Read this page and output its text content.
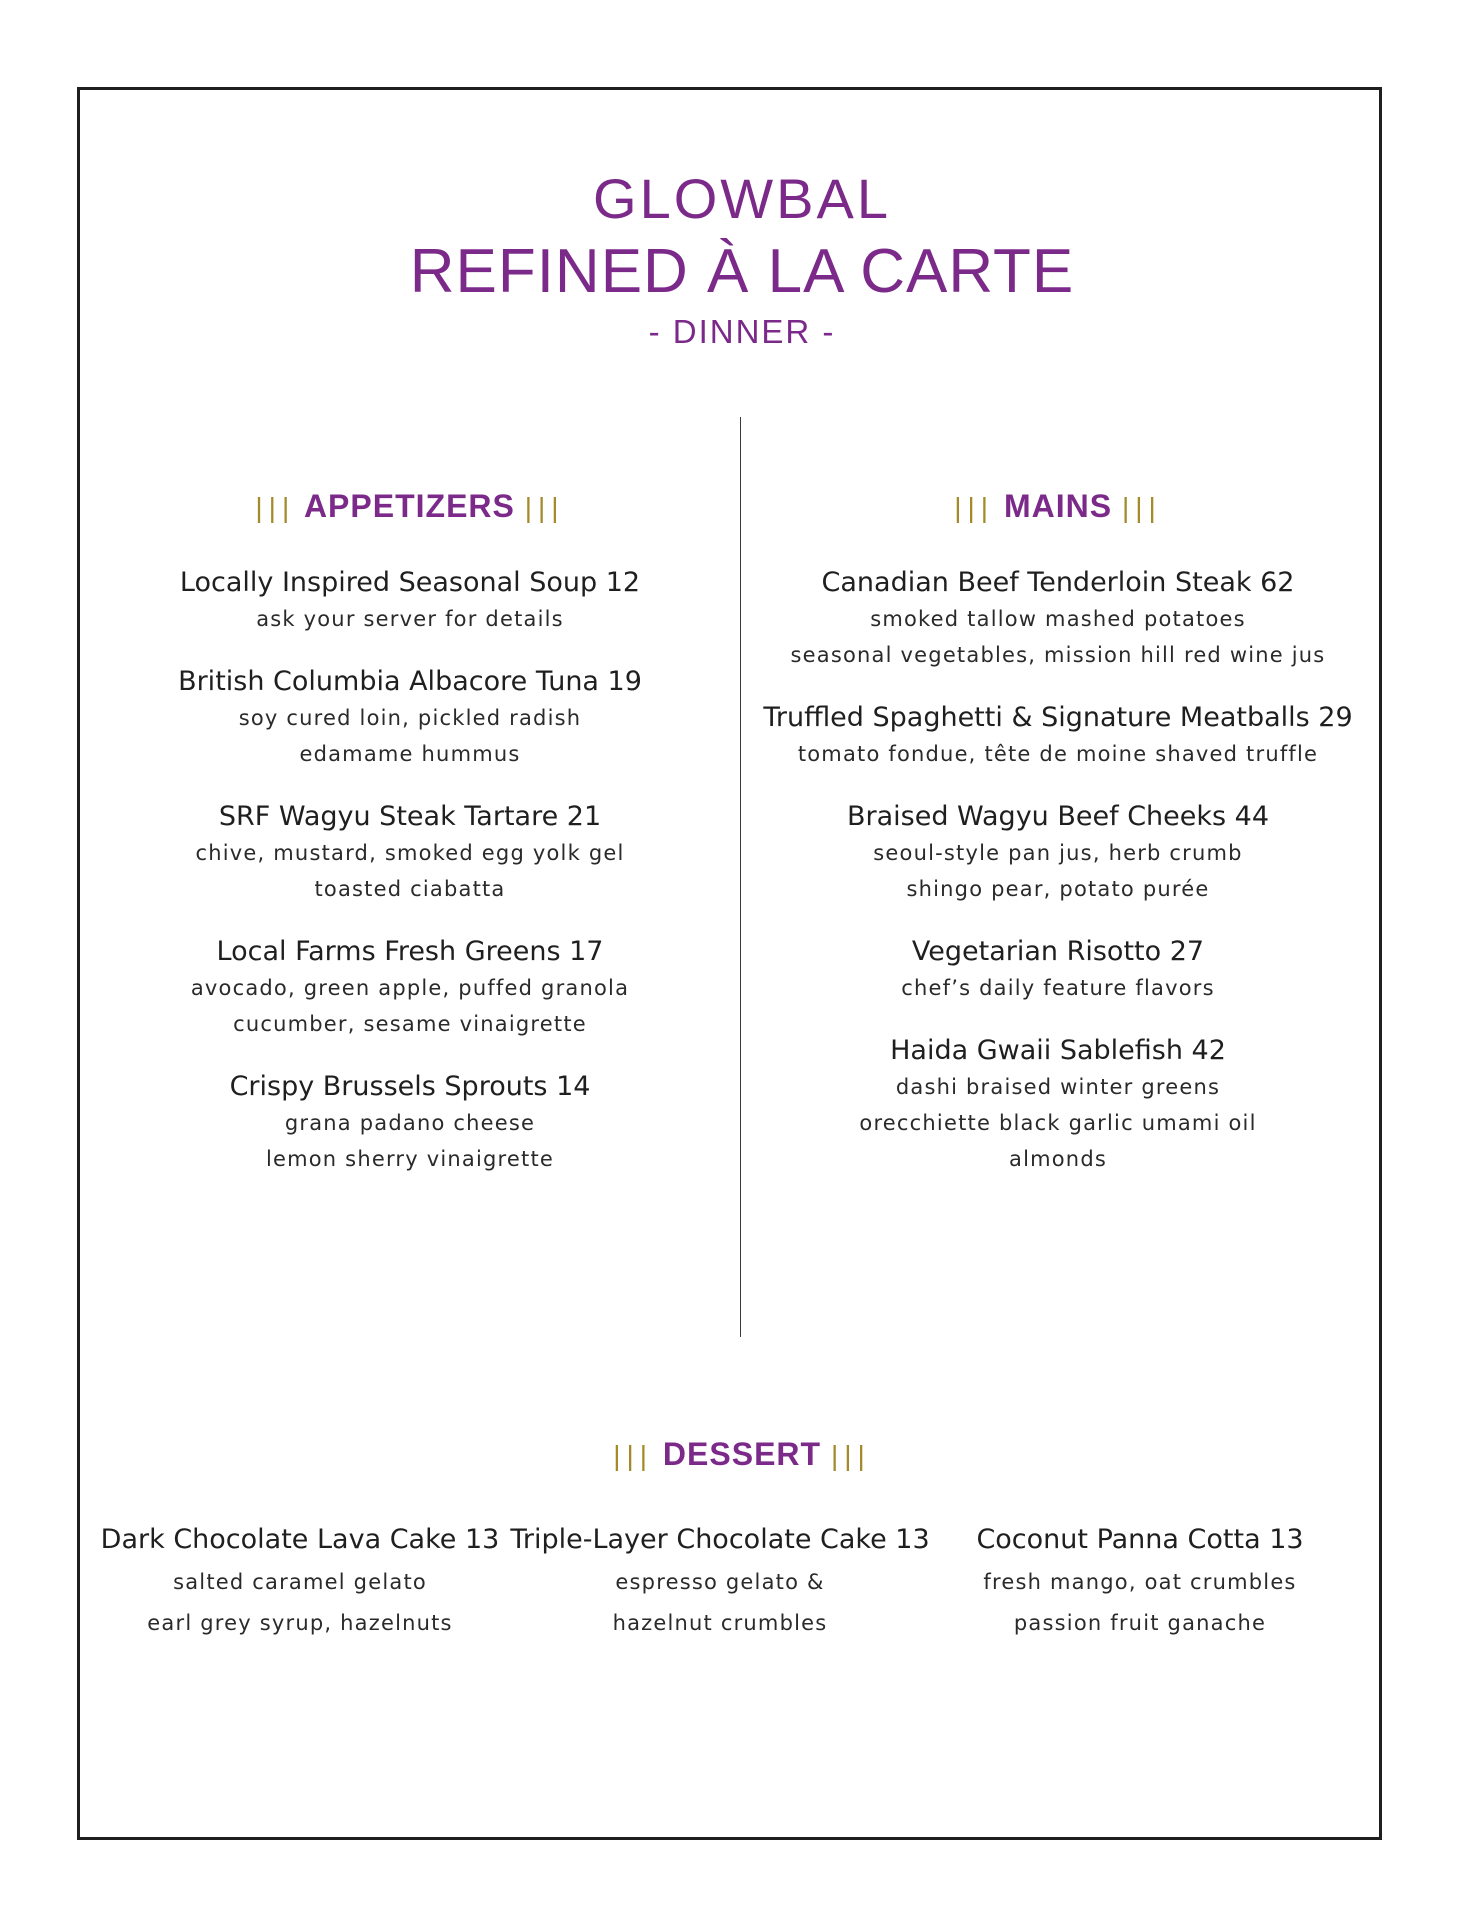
GLOWBAL
REFINED À LA CARTE
- DINNER -
||| APPETIZERS |||
Locally Inspired Seasonal Soup 12
ask your server for details
British Columbia Albacore Tuna 19
soy cured loin, pickled radish
edamame hummus
SRF Wagyu Steak Tartare 21
chive, mustard, smoked egg yolk gel
toasted ciabatta
Local Farms Fresh Greens 17
avocado, green apple, puffed granola
cucumber, sesame vinaigrette
Crispy Brussels Sprouts 14
grana padano cheese
lemon sherry vinaigrette
||| MAINS |||
Canadian Beef Tenderloin Steak 62
smoked tallow mashed potatoes
seasonal vegetables, mission hill red wine jus
Truffled Spaghetti & Signature Meatballs 29
tomato fondue, tête de moine shaved truffle
Braised Wagyu Beef Cheeks 44
seoul-style pan jus, herb crumb
shingo pear, potato purée
Vegetarian Risotto 27
chef’s daily feature flavors
Haida Gwaii Sablefish 42
dashi braised winter greens
orecchiette black garlic umami oil
almonds
||| DESSERT |||
Dark Chocolate Lava Cake 13
salted caramel gelato
earl grey syrup, hazelnuts
Triple-Layer Chocolate Cake 13
espresso gelato &
hazelnut crumbles
Coconut Panna Cotta 13
fresh mango, oat crumbles
passion fruit ganache
